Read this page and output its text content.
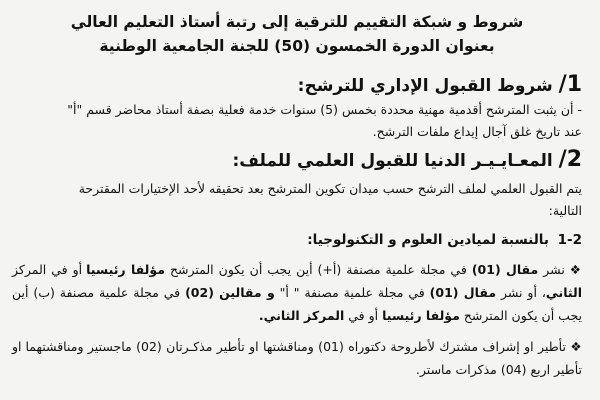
شروط و شبكة التقييم للترقية إلى رتبة أستاذ التعليم العالي

بعنوان الدورة الخمسون (50) للجنة الجامعية الوطنية

1/ شروط القبول الإداري للترشح:

- أن يثبت المترشح أقدمية مهنية محددة بخمس (5) سنوات خدمة فعلية بصفة أستاذ محاضر قسم "أ"

عند تاريخ غلق آجال إيداع ملفات الترشح.

2/ المعـايـيـر الدنيا للقبول العلمي للملف:

يتم القبول العلمي لملف الترشح حسب ميدان تكوين المترشح بعد تحقيقه لأحد الإختيارات المقترحة

التالية:

1-2 بالنسبة لميادين العلوم و التكنولوجيا:

❖ نشر مقال (01) في مجلة علمية مصنفة (أ+) أين يجب أن يكون المترشح مؤلفا رئيسيا أو في المركز الثاني، أو نشر مقال (01) في مجلة علمية مصنفة " أ" و مقالين (02) في مجلة علمية مصنفة (ب) أين يجب أن يكون المترشح مؤلفا رئيسيا أو في المركز الثاني.

❖ تأطير او إشراف مشترك لأطروحة دكتوراه (01) ومناقشتها او تأطير مذكـرتان (02) ماجستير ومناقشتهما او تأطير اربع (04) مذكرات ماستر.
